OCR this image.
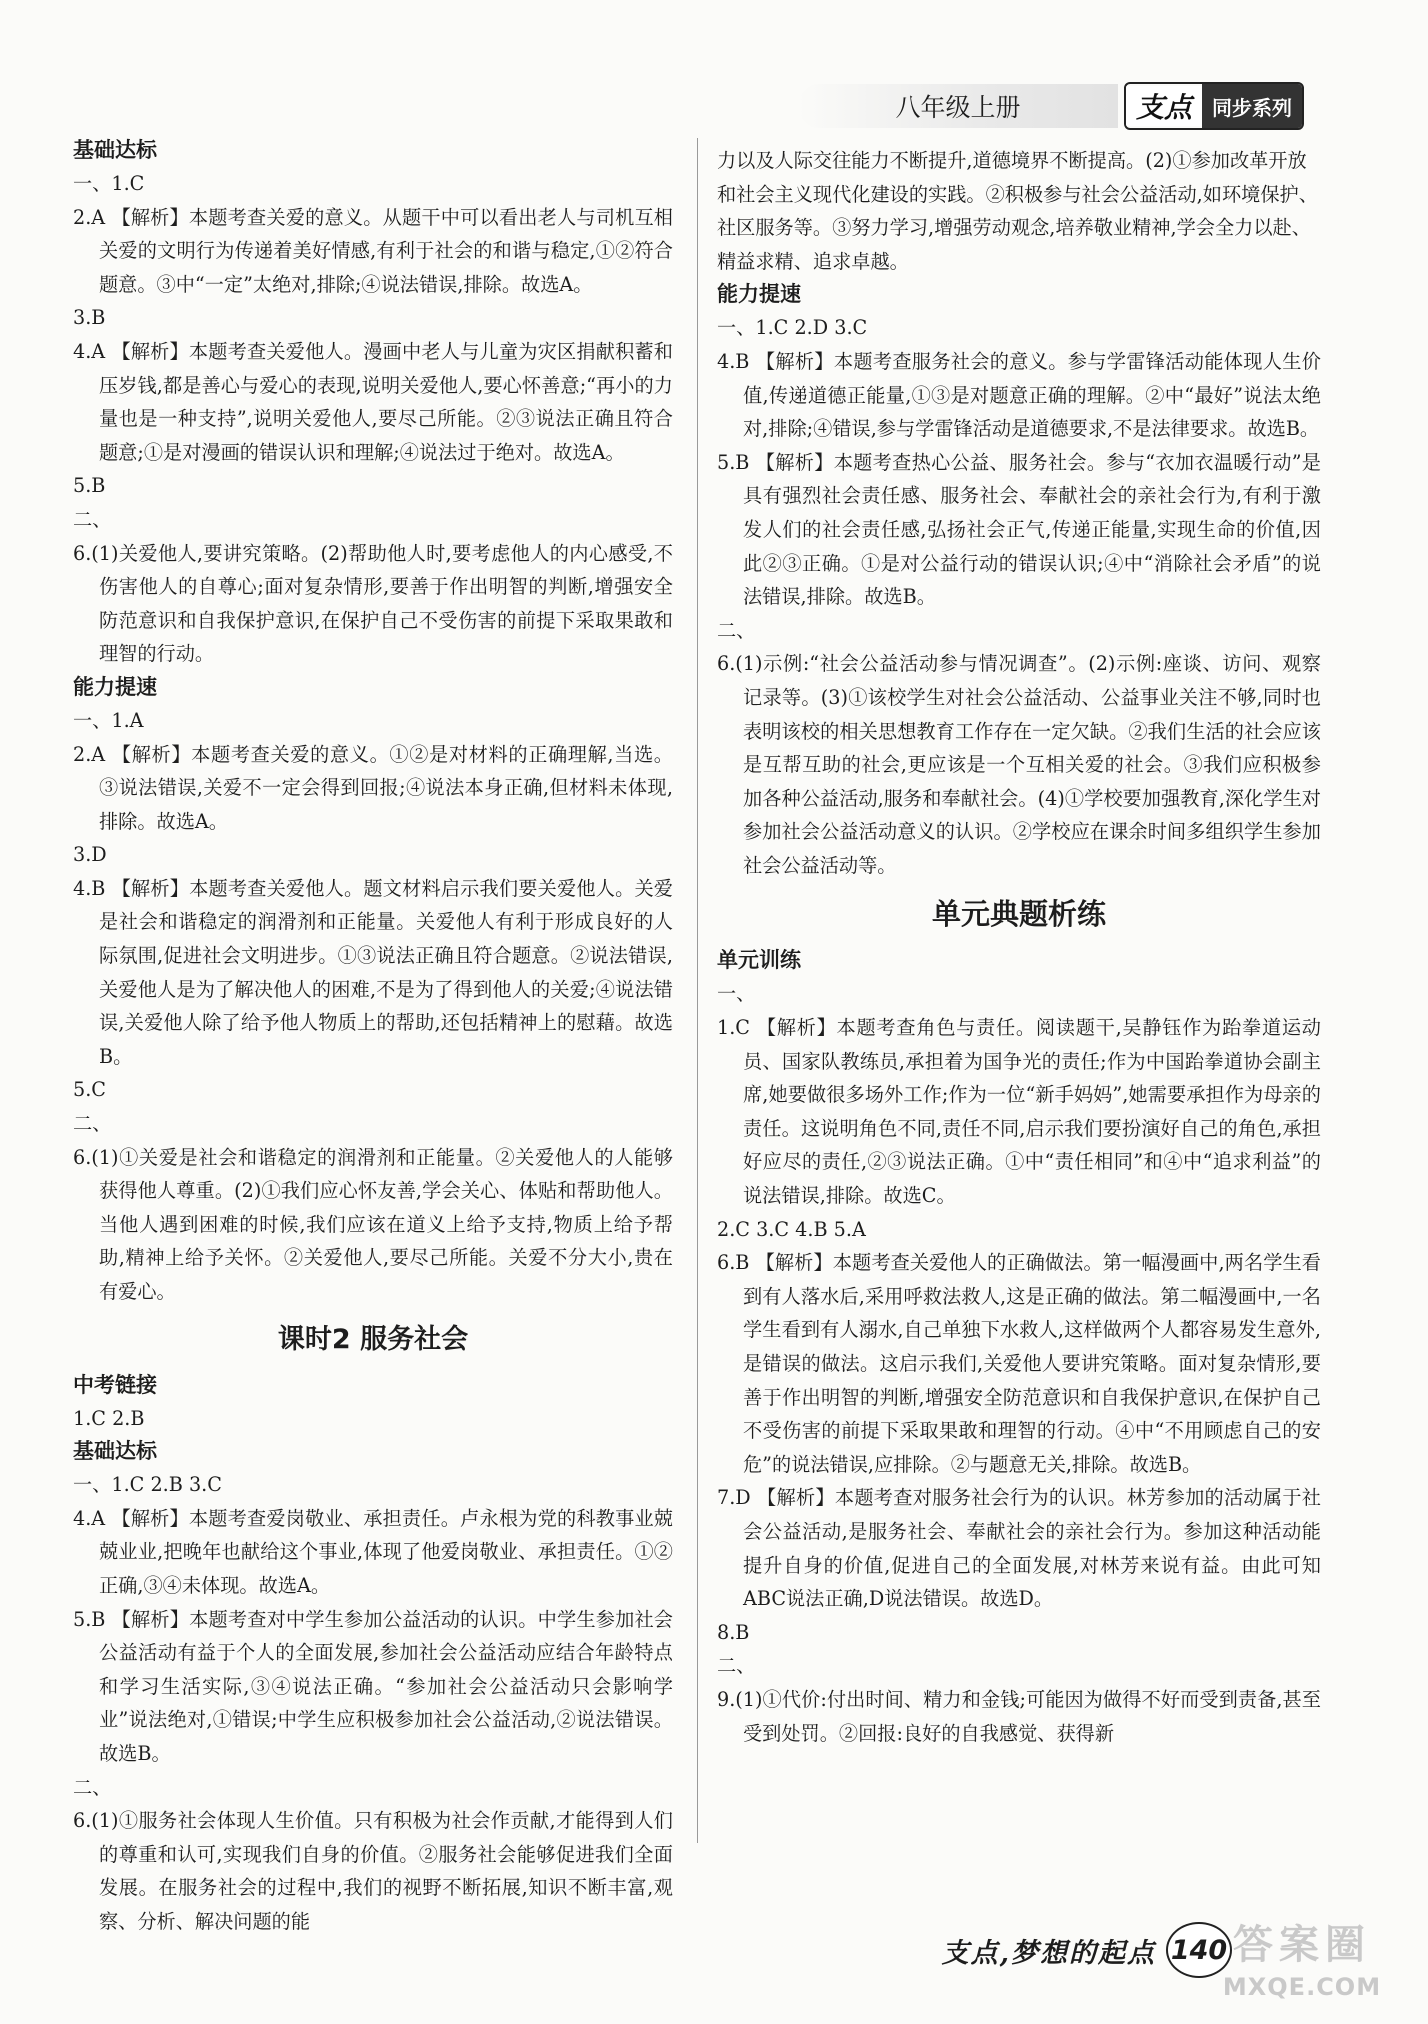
八年级上册	支点	同步系列
基础达标
一、1.C
2.A 【解析】本题考查关爱的意义。从题干中可以看出老人与司机互相关爱的文明行为传递着美好情感,有利于社会的和谐与稳定,①②符合题意。③中“一定”太绝对,排除;④说法错误,排除。故选A。
3.B
4.A 【解析】本题考查关爱他人。漫画中老人与儿童为灾区捐献积蓄和压岁钱,都是善心与爱心的表现,说明关爱他人,要心怀善意;“再小的力量也是一种支持”,说明关爱他人,要尽己所能。②③说法正确且符合题意;①是对漫画的错误认识和理解;④说法过于绝对。故选A。
5.B
二、
6.(1)关爱他人,要讲究策略。(2)帮助他人时,要考虑他人的内心感受,不伤害他人的自尊心;面对复杂情形,要善于作出明智的判断,增强安全防范意识和自我保护意识,在保护自己不受伤害的前提下采取果敢和理智的行动。
能力提速
一、1.A
2.A 【解析】本题考查关爱的意义。①②是对材料的正确理解,当选。③说法错误,关爱不一定会得到回报;④说法本身正确,但材料未体现,排除。故选A。
3.D
4.B 【解析】本题考查关爱他人。题文材料启示我们要关爱他人。关爱是社会和谐稳定的润滑剂和正能量。关爱他人有利于形成良好的人际氛围,促进社会文明进步。①③说法正确且符合题意。②说法错误,关爱他人是为了解决他人的困难,不是为了得到他人的关爱;④说法错误,关爱他人除了给予他人物质上的帮助,还包括精神上的慰藉。故选B。
5.C
二、
6.(1)①关爱是社会和谐稳定的润滑剂和正能量。②关爱他人的人能够获得他人尊重。(2)①我们应心怀友善,学会关心、体贴和帮助他人。当他人遇到困难的时候,我们应该在道义上给予支持,物质上给予帮助,精神上给予关怀。②关爱他人,要尽己所能。关爱不分大小,贵在有爱心。
课时2 服务社会
中考链接
1.C 2.B
基础达标
一、1.C 2.B 3.C
4.A 【解析】本题考查爱岗敬业、承担责任。卢永根为党的科教事业兢兢业业,把晚年也献给这个事业,体现了他爱岗敬业、承担责任。①②正确,③④未体现。故选A。
5.B 【解析】本题考查对中学生参加公益活动的认识。中学生参加社会公益活动有益于个人的全面发展,参加社会公益活动应结合年龄特点和学习生活实际,③④说法正确。“参加社会公益活动只会影响学业”说法绝对,①错误;中学生应积极参加社会公益活动,②说法错误。故选B。
二、
6.(1)①服务社会体现人生价值。只有积极为社会作贡献,才能得到人们的尊重和认可,实现我们自身的价值。②服务社会能够促进我们全面发展。在服务社会的过程中,我们的视野不断拓展,知识不断丰富,观察、分析、解决问题的能
力以及人际交往能力不断提升,道德境界不断提高。(2)①参加改革开放和社会主义现代化建设的实践。②积极参与社会公益活动,如环境保护、社区服务等。③努力学习,增强劳动观念,培养敬业精神,学会全力以赴、精益求精、追求卓越。
能力提速
一、1.C 2.D 3.C
4.B 【解析】本题考查服务社会的意义。参与学雷锋活动能体现人生价值,传递道德正能量,①③是对题意正确的理解。②中“最好”说法太绝对,排除;④错误,参与学雷锋活动是道德要求,不是法律要求。故选B。
5.B 【解析】本题考查热心公益、服务社会。参与“衣加衣温暖行动”是具有强烈社会责任感、服务社会、奉献社会的亲社会行为,有利于激发人们的社会责任感,弘扬社会正气,传递正能量,实现生命的价值,因此②③正确。①是对公益行动的错误认识;④中“消除社会矛盾”的说法错误,排除。故选B。
二、
6.(1)示例:“社会公益活动参与情况调查”。(2)示例:座谈、访问、观察记录等。(3)①该校学生对社会公益活动、公益事业关注不够,同时也表明该校的相关思想教育工作存在一定欠缺。②我们生活的社会应该是互帮互助的社会,更应该是一个互相关爱的社会。③我们应积极参加各种公益活动,服务和奉献社会。(4)①学校要加强教育,深化学生对参加社会公益活动意义的认识。②学校应在课余时间多组织学生参加社会公益活动等。
单元典题析练
单元训练
一、
1.C 【解析】本题考查角色与责任。阅读题干,吴静钰作为跆拳道运动员、国家队教练员,承担着为国争光的责任;作为中国跆拳道协会副主席,她要做很多场外工作;作为一位“新手妈妈”,她需要承担作为母亲的责任。这说明角色不同,责任不同,启示我们要扮演好自己的角色,承担好应尽的责任,②③说法正确。①中“责任相同”和④中“追求利益”的说法错误,排除。故选C。
2.C 3.C 4.B 5.A
6.B 【解析】本题考查关爱他人的正确做法。第一幅漫画中,两名学生看到有人落水后,采用呼救法救人,这是正确的做法。第二幅漫画中,一名学生看到有人溺水,自己单独下水救人,这样做两个人都容易发生意外,是错误的做法。这启示我们,关爱他人要讲究策略。面对复杂情形,要善于作出明智的判断,增强安全防范意识和自我保护意识,在保护自己不受伤害的前提下采取果敢和理智的行动。④中“不用顾虑自己的安危”的说法错误,应排除。②与题意无关,排除。故选B。
7.D 【解析】本题考查对服务社会行为的认识。林芳参加的活动属于社会公益活动,是服务社会、奉献社会的亲社会行为。参加这种活动能提升自身的价值,促进自己的全面发展,对林芳来说有益。由此可知ABC说法正确,D说法错误。故选D。
8.B
二、
9.(1)①代价:付出时间、精力和金钱;可能因为做得不好而受到责备,甚至受到处罚。②回报:良好的自我感觉、获得新
支点,梦想的起点 140 答案圈
MXQE.COM
